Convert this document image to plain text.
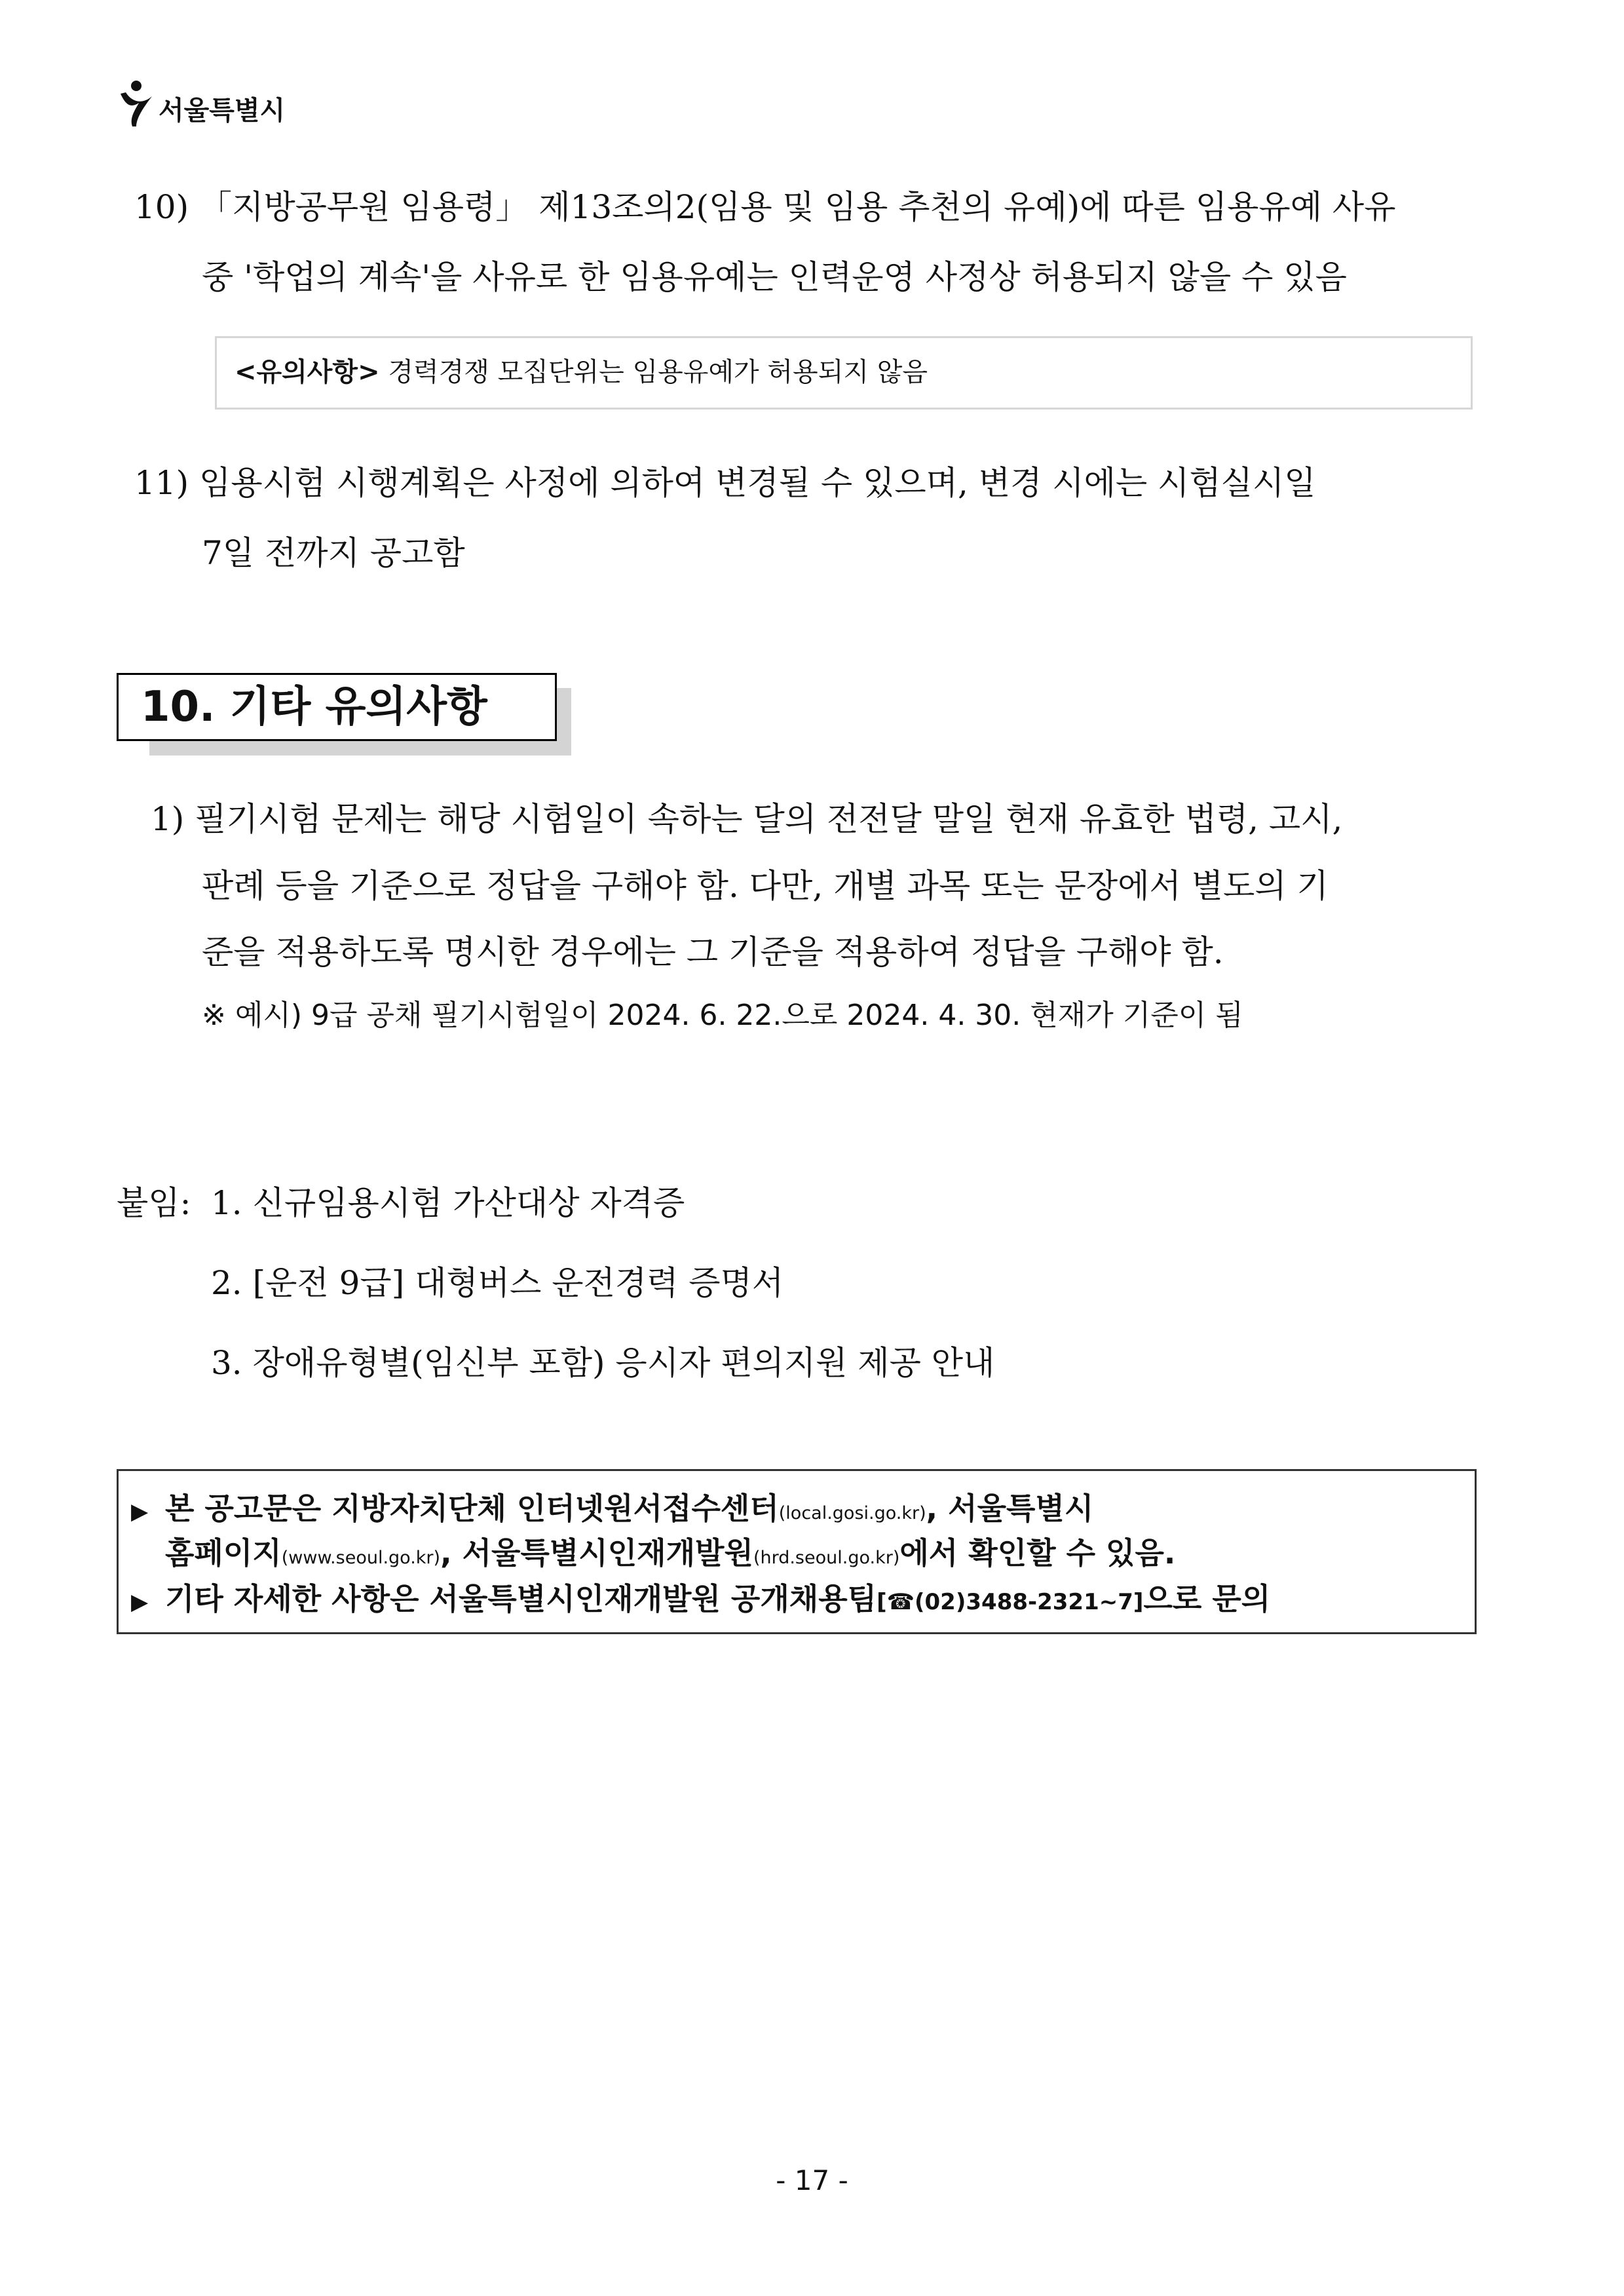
서울특별시
10) 「지방공무원 임용령」 제13조의2(임용 및 임용 추천의 유예)에 따른 임용유예 사유
중 '학업의 계속'을 사유로 한 임용유예는 인력운영 사정상 허용되지 않을 수 있음
<유의사항> 경력경쟁 모집단위는 임용유예가 허용되지 않음
11) 임용시험 시행계획은 사정에 의하여 변경될 수 있으며, 변경 시에는 시험실시일
7일 전까지 공고함
10. 기타 유의사항
1) 필기시험 문제는 해당 시험일이 속하는 달의 전전달 말일 현재 유효한 법령, 고시,
판례 등을 기준으로 정답을 구해야 함. 다만, 개별 과목 또는 문장에서 별도의 기
준을 적용하도록 명시한 경우에는 그 기준을 적용하여 정답을 구해야 함.
※ 예시) 9급 공채 필기시험일이 2024. 6. 22.으로 2024. 4. 30. 현재가 기준이 됨
붙임: 1. 신규임용시험 가산대상 자격증
2. [운전 9급] 대형버스 운전경력 증명서
3. 장애유형별(임신부 포함) 응시자 편의지원 제공 안내
▶ 본 공고문은 지방자치단체 인터넷원서접수센터(local.gosi.go.kr), 서울특별시
홈페이지(www.seoul.go.kr), 서울특별시인재개발원(hrd.seoul.go.kr)에서 확인할 수 있음.
▶ 기타 자세한 사항은 서울특별시인재개발원 공개채용팀[☎(02)3488-2321~7]으로 문의
- 17 -
